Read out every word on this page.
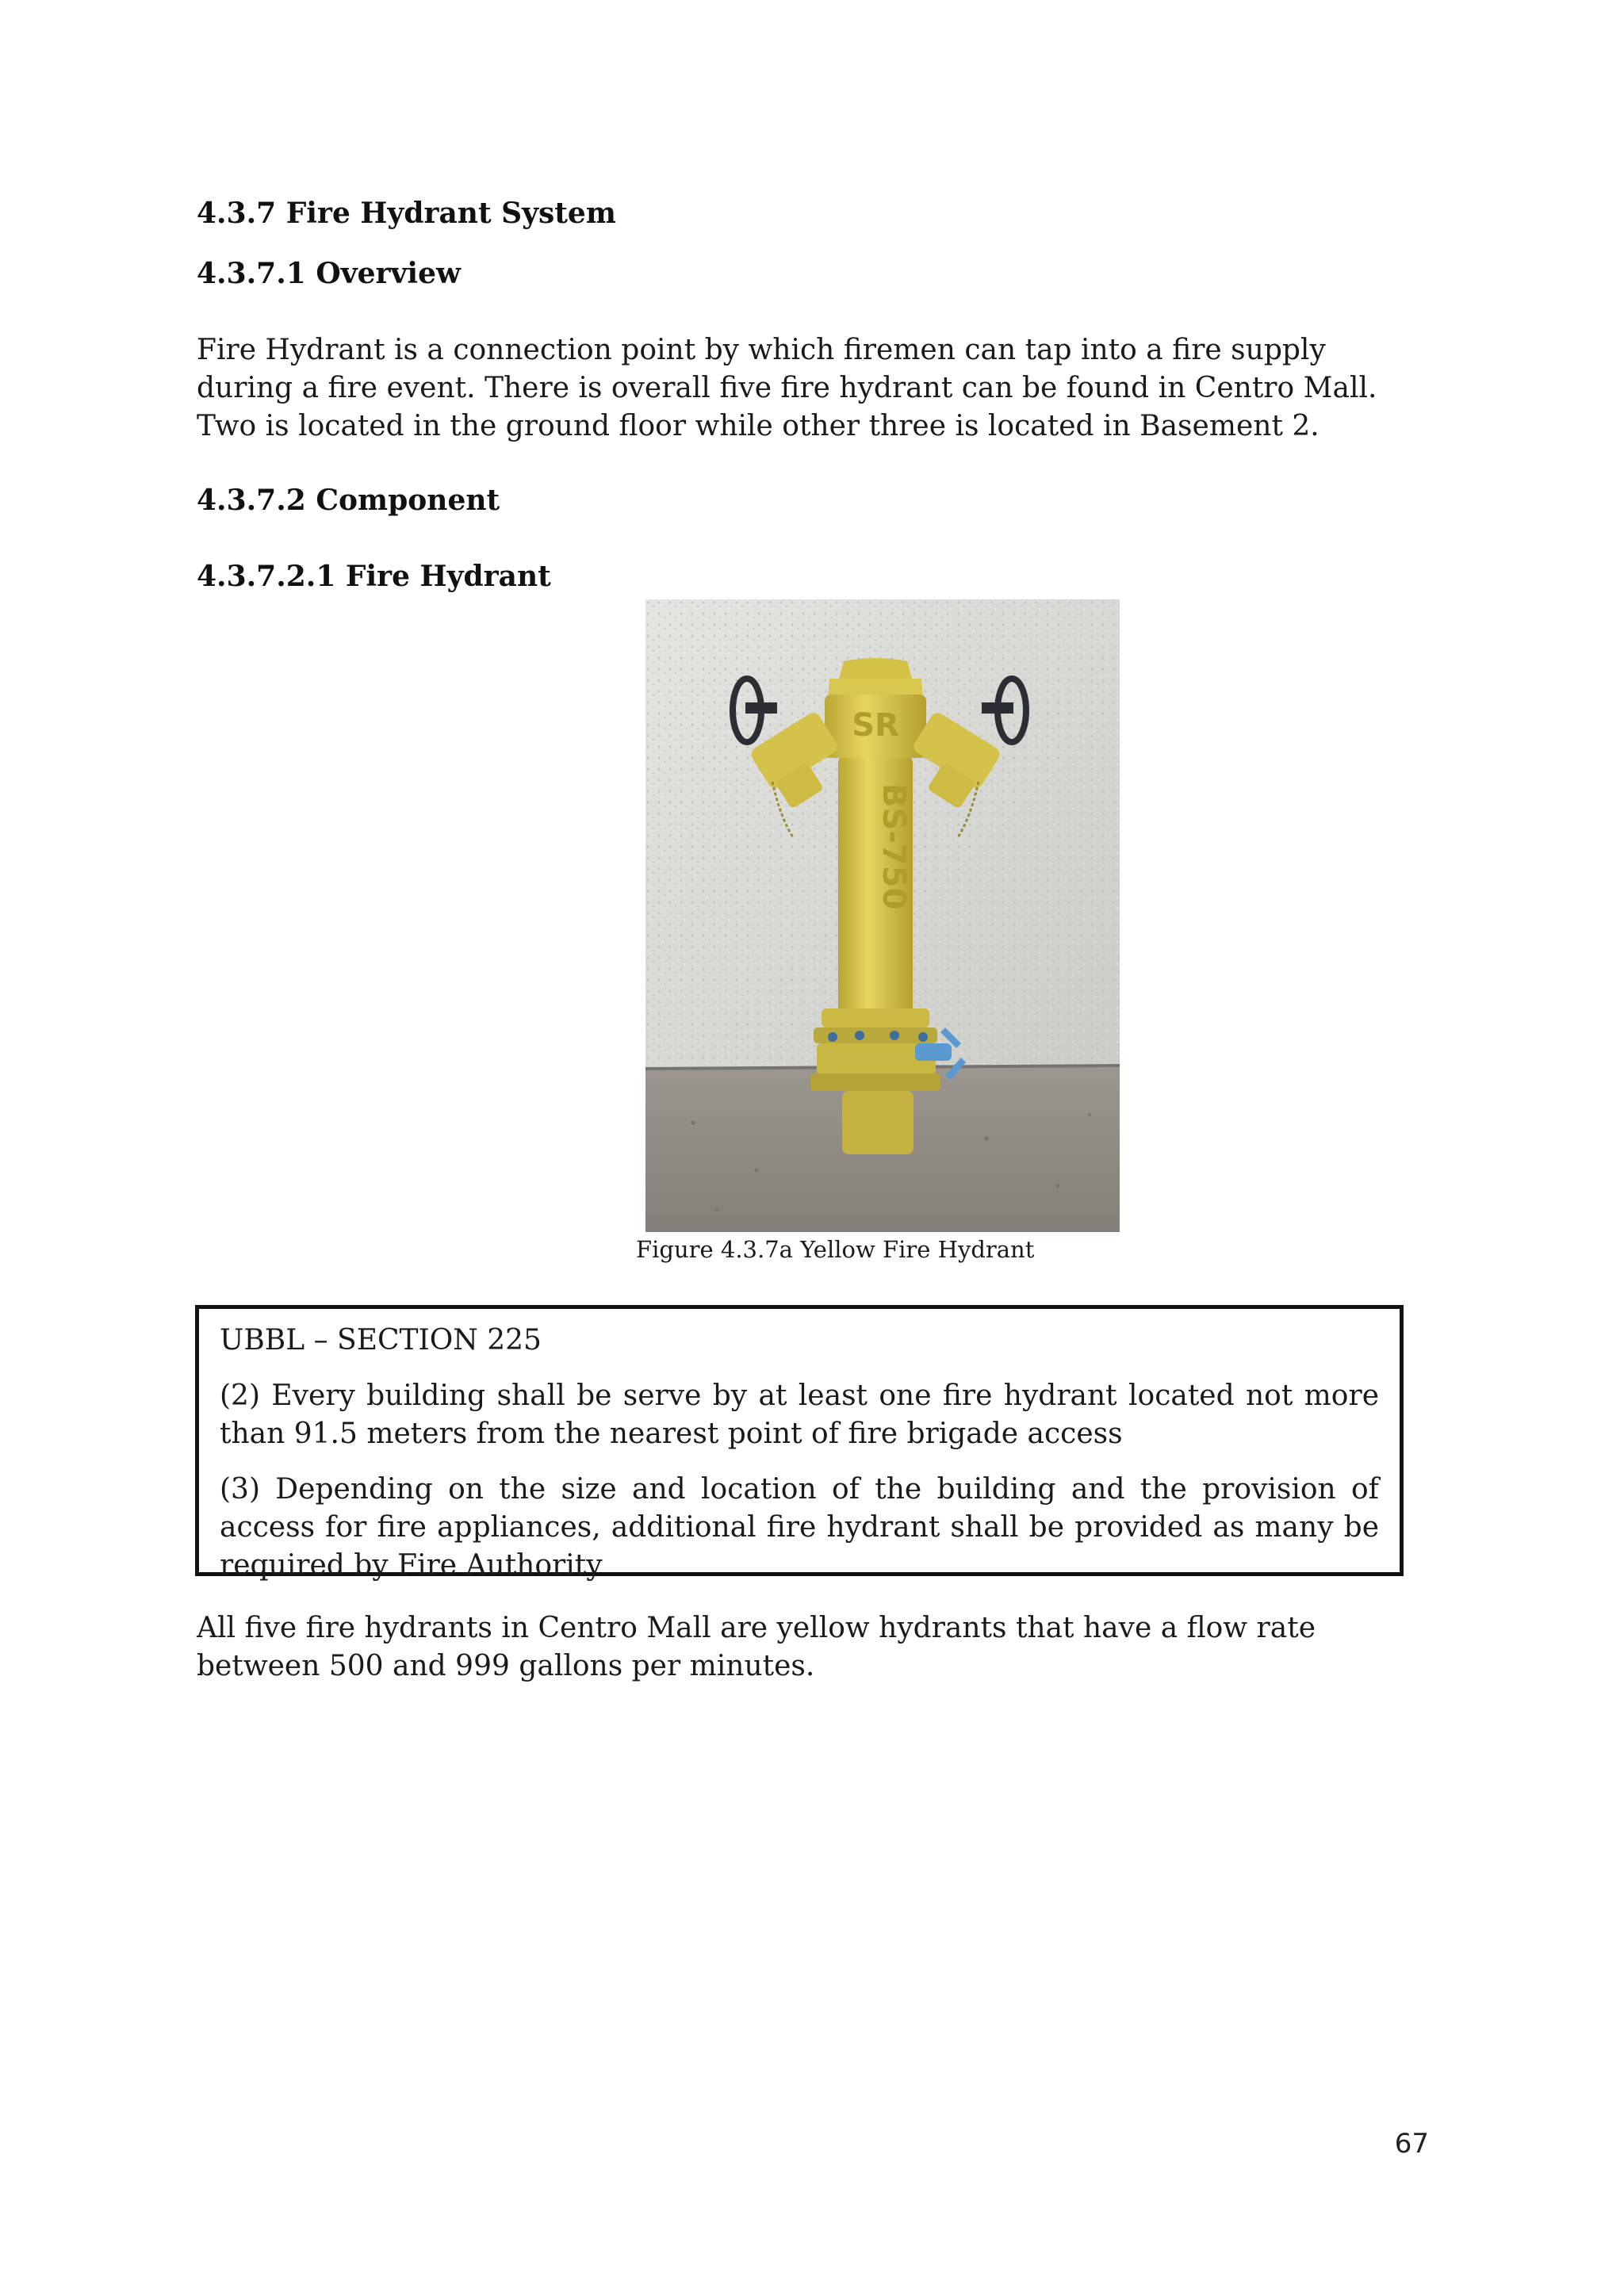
4.3.7 Fire Hydrant System
4.3.7.1 Overview

Fire Hydrant is a connection point by which firemen can tap into a fire supply during a fire event. There is overall five fire hydrant can be found in Centro Mall. Two is located in the ground floor while other three is located in Basement 2.

4.3.7.2 Component
4.3.7.2.1 Fire Hydrant
SR
BS-750
Figure 4.3.7a Yellow Fire Hydrant

UBBL – SECTION 225

(2) Every building shall be serve by at least one fire hydrant located not more than 91.5 meters from the nearest point of fire brigade access

(3) Depending on the size and location of the building and the provision of access for fire appliances, additional fire hydrant shall be provided as many be required by Fire Authority

All five fire hydrants in Centro Mall are yellow hydrants that have a flow rate between 500 and 999 gallons per minutes.

67
